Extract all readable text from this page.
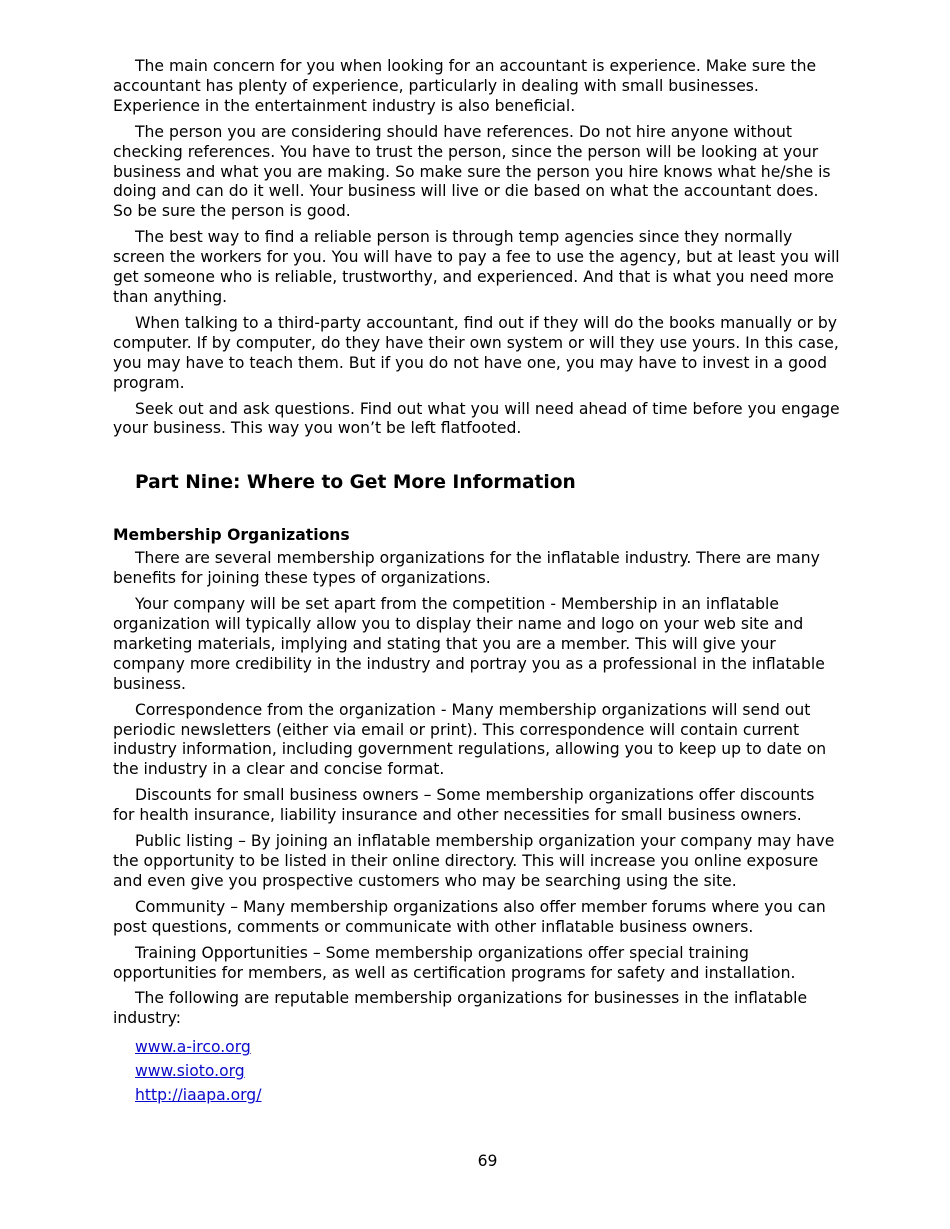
The main concern for you when looking for an accountant is experience. Make sure the accountant has plenty of experience, particularly in dealing with small businesses. Experience in the entertainment industry is also beneficial.

The person you are considering should have references. Do not hire anyone without checking references. You have to trust the person, since the person will be looking at your business and what you are making. So make sure the person you hire knows what he/she is doing and can do it well. Your business will live or die based on what the accountant does. So be sure the person is good.

The best way to find a reliable person is through temp agencies since they normally screen the workers for you. You will have to pay a fee to use the agency, but at least you will get someone who is reliable, trustworthy, and experienced. And that is what you need more than anything.

When talking to a third-party accountant, find out if they will do the books manually or by computer. If by computer, do they have their own system or will they use yours. In this case, you may have to teach them. But if you do not have one, you may have to invest in a good program.

Seek out and ask questions. Find out what you will need ahead of time before you engage your business. This way you won’t be left flatfooted.

Part Nine: Where to Get More Information
Membership Organizations

There are several membership organizations for the inflatable industry. There are many benefits for joining these types of organizations.

Your company will be set apart from the competition - Membership in an inflatable organization will typically allow you to display their name and logo on your web site and marketing materials, implying and stating that you are a member. This will give your company more credibility in the industry and portray you as a professional in the inflatable business.

Correspondence from the organization - Many membership organizations will send out periodic newsletters (either via email or print). This correspondence will contain current industry information, including government regulations, allowing you to keep up to date on the industry in a clear and concise format.

Discounts for small business owners – Some membership organizations offer discounts for health insurance, liability insurance and other necessities for small business owners.

Public listing – By joining an inflatable membership organization your company may have the opportunity to be listed in their online directory. This will increase you online exposure and even give you prospective customers who may be searching using the site.

Community – Many membership organizations also offer member forums where you can post questions, comments or communicate with other inflatable business owners.

Training Opportunities – Some membership organizations offer special training opportunities for members, as well as certification programs for safety and installation.

The following are reputable membership organizations for businesses in the inflatable industry:

www.a-irco.org
www.sioto.org
http://iaapa.org/
69
